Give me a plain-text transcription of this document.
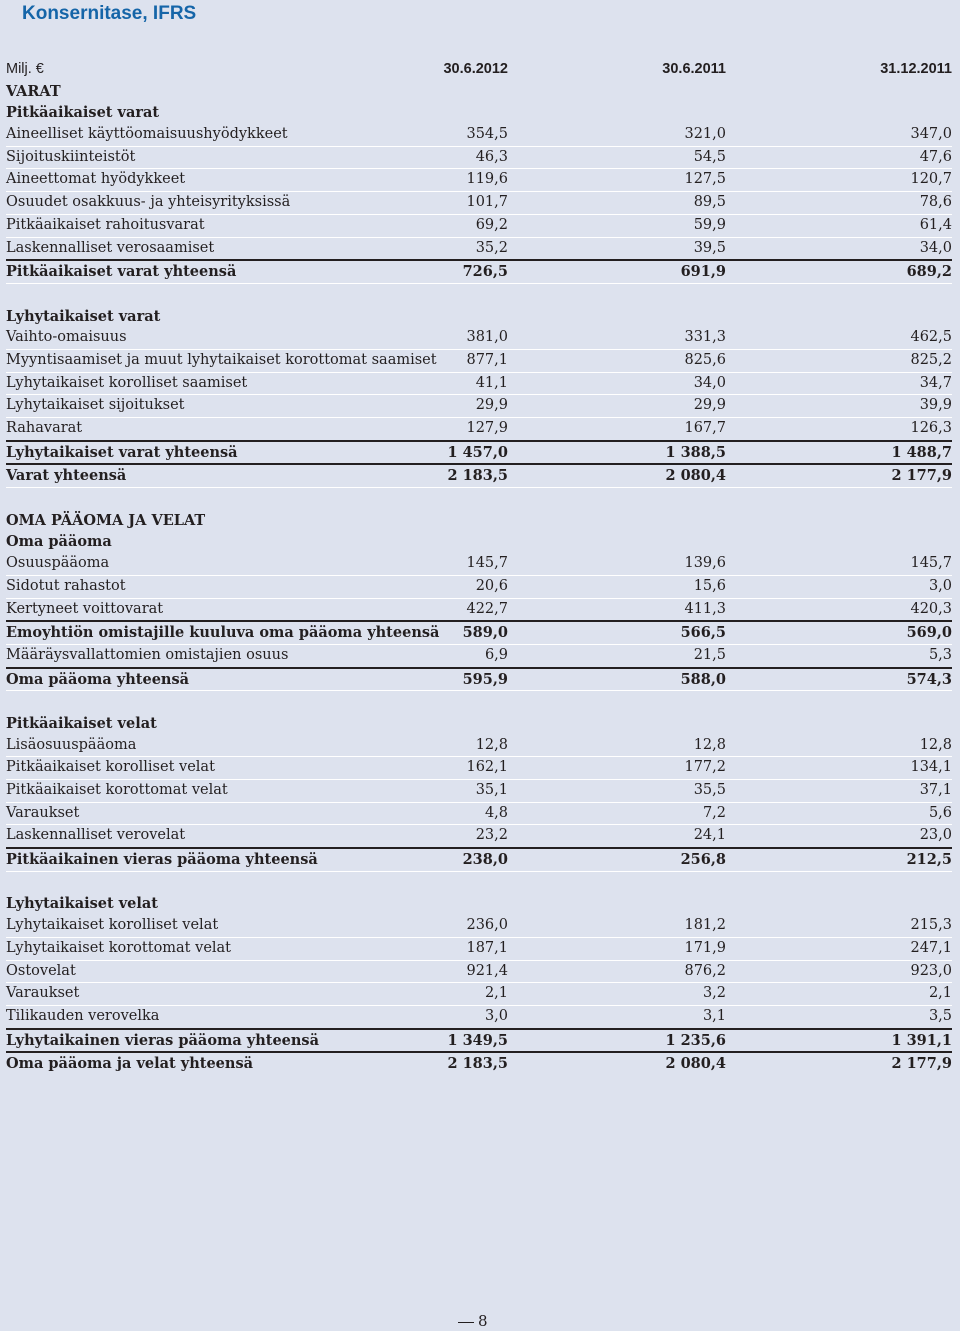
Konsernitase, IFRS
Milj. €	30.6.2012	30.6.2011	31.12.2011
VARAT
Pitkäaikaiset varat
Aineelliset käyttöomaisuushyödykkeet	354,5	321,0	347,0
Sijoituskiinteistöt	46,3	54,5	47,6
Aineettomat hyödykkeet	119,6	127,5	120,7
Osuudet osakkuus- ja yhteisyrityksissä	101,7	89,5	78,6
Pitkäaikaiset rahoitusvarat	69,2	59,9	61,4
Laskennalliset verosaamiset	35,2	39,5	34,0
Pitkäaikaiset varat yhteensä	726,5	691,9	689,2
Lyhytaikaiset varat
Vaihto-omaisuus	381,0	331,3	462,5
Myyntisaamiset ja muut lyhytaikaiset korottomat saamiset	877,1	825,6	825,2
Lyhytaikaiset korolliset saamiset	41,1	34,0	34,7
Lyhytaikaiset sijoitukset	29,9	29,9	39,9
Rahavarat	127,9	167,7	126,3
Lyhytaikaiset varat yhteensä	1 457,0	1 388,5	1 488,7
Varat yhteensä	2 183,5	2 080,4	2 177,9
OMA PÄÄOMA JA VELAT
Oma pääoma
Osuuspääoma	145,7	139,6	145,7
Sidotut rahastot	20,6	15,6	3,0
Kertyneet voittovarat	422,7	411,3	420,3
Emoyhtiön omistajille kuuluva oma pääoma yhteensä	589,0	566,5	569,0
Määräysvallattomien omistajien osuus	6,9	21,5	5,3
Oma pääoma yhteensä	595,9	588,0	574,3
Pitkäaikaiset velat
Lisäosuuspääoma	12,8	12,8	12,8
Pitkäaikaiset korolliset velat	162,1	177,2	134,1
Pitkäaikaiset korottomat velat	35,1	35,5	37,1
Varaukset	4,8	7,2	5,6
Laskennalliset verovelat	23,2	24,1	23,0
Pitkäaikainen vieras pääoma yhteensä	238,0	256,8	212,5
Lyhytaikaiset velat
Lyhytaikaiset korolliset velat	236,0	181,2	215,3
Lyhytaikaiset korottomat velat	187,1	171,9	247,1
Ostovelat	921,4	876,2	923,0
Varaukset	2,1	3,2	2,1
Tilikauden verovelka	3,0	3,1	3,5
Lyhytaikainen vieras pääoma yhteensä	1 349,5	1 235,6	1 391,1
Oma pääoma ja velat yhteensä	2 183,5	2 080,4	2 177,9
8
